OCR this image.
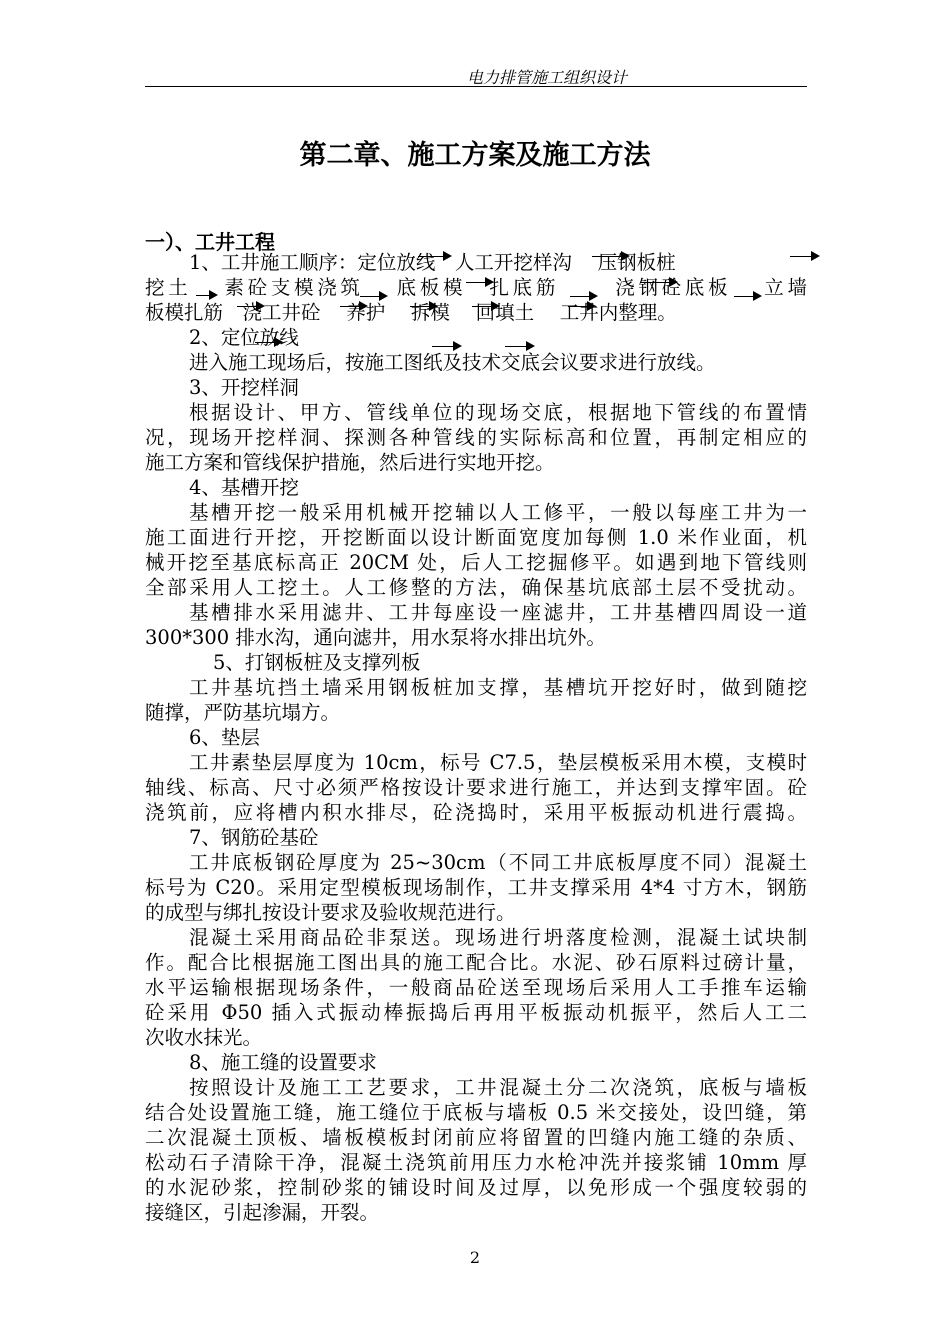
电力排管施工组织设计
第二章、施工方案及施工方法
一）、工井工程
1、工井施工顺序：定位放线　人工开挖样沟　 压钢板桩
挖土　 素砼支模浇筑　 底板模　扎底筋　　 浇钢砼底板　 立墙
板模扎筋　浇工井砼　 养护　 拆模　 回填土　 工井内整理。
2、定位放线
进入施工现场后，按施工图纸及技术交底会议要求进行放线。
3、开挖样洞
根据设计、甲方、管线单位的现场交底，根据地下管线的布置情
况，现场开挖样洞、探测各种管线的实际标高和位置，再制定相应的
施工方案和管线保护措施，然后进行实地开挖。
4、基槽开挖
基槽开挖一般采用机械开挖辅以人工修平，一般以每座工井为一
施工面进行开挖，开挖断面以设计断面宽度加每侧 1.0 米作业面，机
械开挖至基底标高正 20CM 处，后人工挖掘修平。如遇到地下管线则
全部采用人工挖土。人工修整的方法，确保基坑底部土层不受扰动。
基槽排水采用滤井、工井每座设一座滤井，工井基槽四周设一道
300*300 排水沟，通向滤井，用水泵将水排出坑外。
5、打钢板桩及支撑列板
工井基坑挡土墙采用钢板桩加支撑，基槽坑开挖好时，做到随挖
随撑，严防基坑塌方。
6、垫层
工井素垫层厚度为 10cm，标号 C7.5，垫层模板采用木模，支模时
轴线、标高、尺寸必须严格按设计要求进行施工，并达到支撑牢固。砼
浇筑前，应将槽内积水排尽，砼浇捣时，采用平板振动机进行震捣。
7、钢筋砼基砼
工井底板钢砼厚度为 25~30cm（不同工井底板厚度不同）混凝土
标号为 C20。采用定型模板现场制作，工井支撑采用 4*4 寸方木，钢筋
的成型与绑扎按设计要求及验收规范进行。
混凝土采用商品砼非泵送。现场进行坍落度检测，混凝土试块制
作。配合比根据施工图出具的施工配合比。水泥、砂石原料过磅计量，
水平运输根据现场条件，一般商品砼送至现场后采用人工手推车运输
砼采用 Φ50 插入式振动棒振捣后再用平板振动机振平，然后人工二
次收水抹光。
8、施工缝的设置要求
按照设计及施工工艺要求，工井混凝土分二次浇筑，底板与墙板
结合处设置施工缝，施工缝位于底板与墙板 0.5 米交接处，设凹缝，第
二次混凝土顶板、墙板模板封闭前应将留置的凹缝内施工缝的杂质、
松动石子清除干净，混凝土浇筑前用压力水枪冲洗并接浆铺 10mm 厚
的水泥砂浆，控制砂浆的铺设时间及过厚，以免形成一个强度较弱的
接缝区，引起渗漏，开裂。
2
